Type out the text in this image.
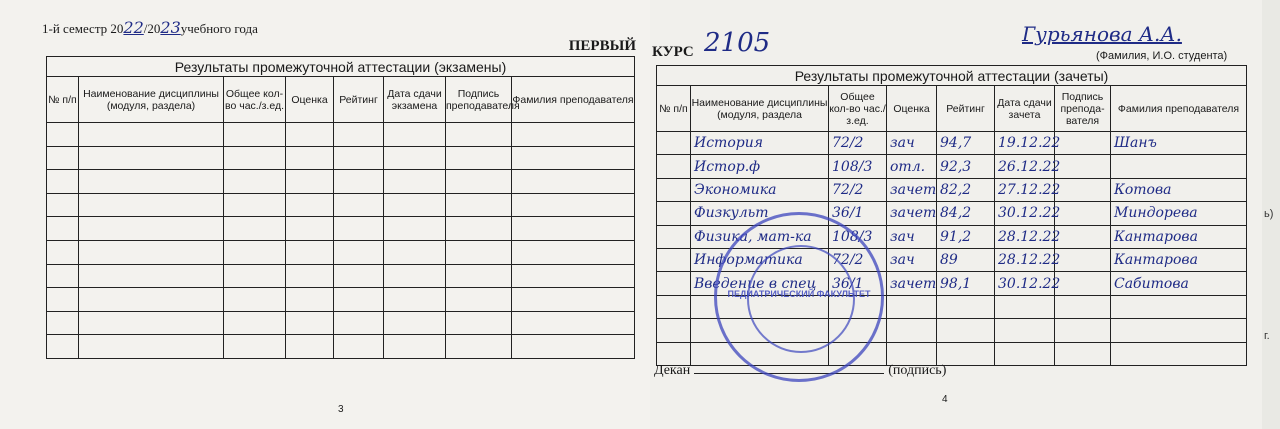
1-й семестр 2022/2023учебного года
ПЕРВЫЙ
Результаты промежуточной аттестации (экзамены)							
№ п/п	Наименование дисциплины (модуля, раздела)	Общее кол-во час./з.ед.	Оценка	Рейтинг	Дата сдачи экзамена	Подпись преподавателя	Фамилия преподавателя

3
КУРС 2105	Гурьянова А.А.
(Фамилия, И.О. студента)
Результаты промежуточной аттестации (зачеты)							
№ п/п	Наименование дисциплины (модуля, раздела	Общее кол-во час./з.ед.	Оценка	Рейтинг	Дата сдачи зачета	Подпись препода-вателя	Фамилия преподавателя
	История	72/2	зач	94,7	19.12.22		Шанъ
	Истор.ф	108/3	отл.	92,3	26.12.22		
	Экономика	72/2	зачет	82,2	27.12.22		Котова
	Физкульт	36/1	зачет	84,2	30.12.22		Миндорева
	Физика, мат-ка	108/3	зач	91,2	28.12.22		Кантарова
	Информатика	72/2	зач	89	28.12.22		Кантарова
	Введение в спец	36/1	зачет	98,1	30.12.22		Сабитова

Декан	(подпись)
4
ПЕДИАТРИЧЕСКИЙ ФАКУЛЬТЕТ
ь)
г.
